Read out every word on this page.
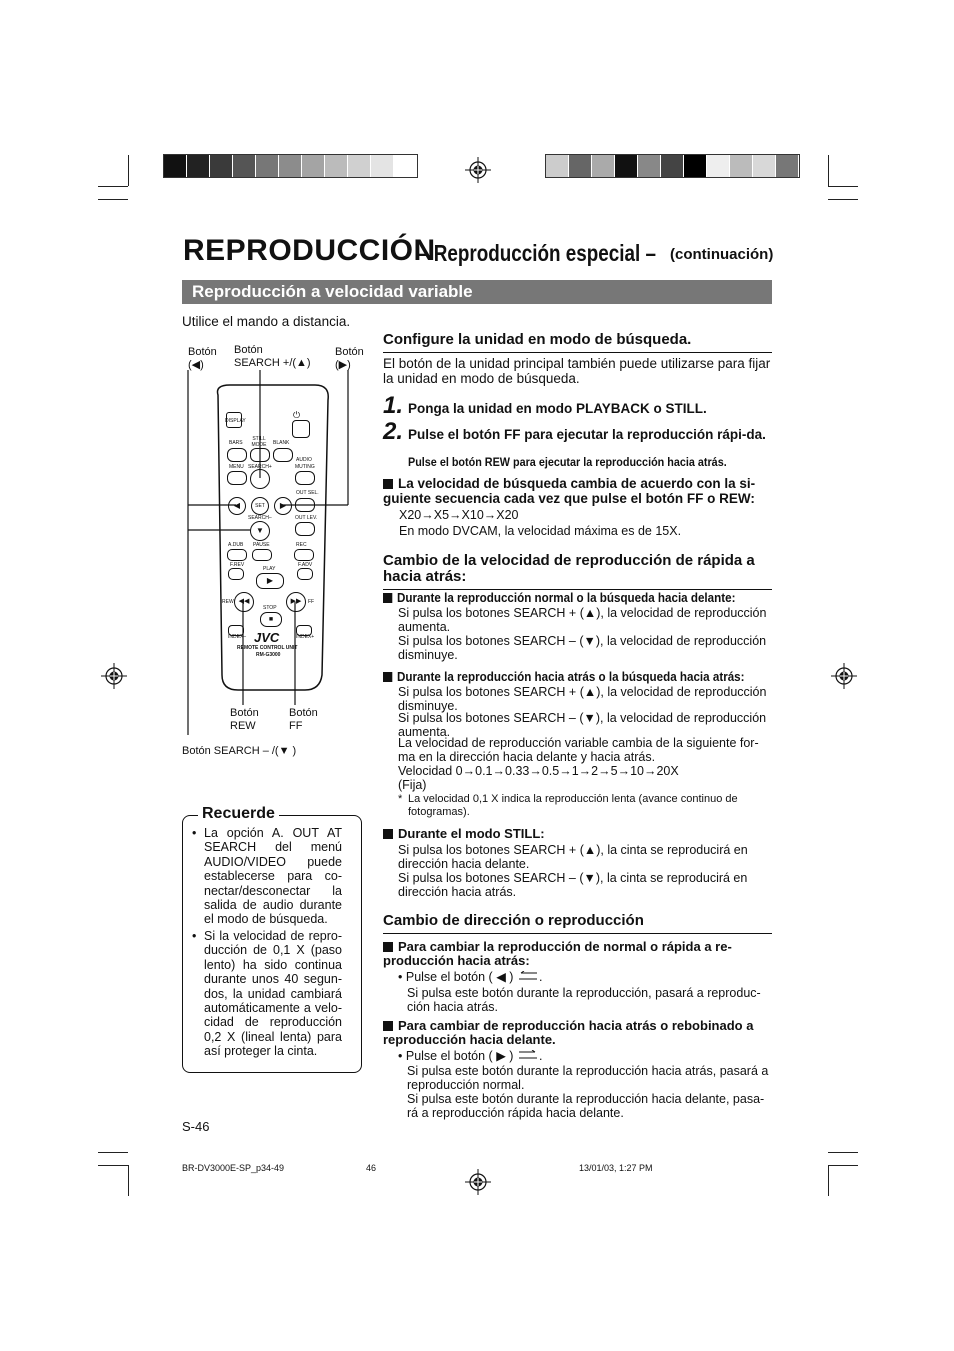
REPRODUCCIÓN
– Reproducción especial – (continuación)
Reproducción a velocidad variable
Utilice el mando a distancia.
Botón
(◀)
Botón
SEARCH +/(▲)
Botón
(▶)
DISPLAY
⏻
BARS
STILL MODE BLANK
AUDIO
MENU SEARCH+	MUTING
OUT SEL.
◀	SET	▶
SEARCH–	OUT LEV.
▼
A.DUB PAUSE	REC
F.REV	F.ADV
PLAY
▶
REW	FF
◀◀	▶▶
STOP
■
INDEX–	INDEX+
JVC
REMOTE CONTROL UNIT
RM-G3000
Botón
REW
Botón
FF
Botón SEARCH – /(▼ )
Recuerde
• La opción A. OUT AT SEARCH del menú AUDIO/VIDEO puede establecerse para co-nectar/desconectar la salida de audio durante el modo de búsqueda.
• Si la velocidad de repro-ducción de 0,1 X (paso lento) ha sido continua durante unos 40 segun-dos, la unidad cambiará automáticamente a velo-cidad de reproducción 0,2 X (lineal lenta) para así proteger la cinta.
S-46
Configure la unidad en modo de búsqueda.
El botón de la unidad principal también puede utilizarse para fijar la unidad en modo de búsqueda.
1. Ponga la unidad en modo PLAYBACK o STILL.
2. Pulse el botón FF para ejecutar la reproducción rápi-da.
Pulse el botón REW para ejecutar la reproducción hacia atrás.
La velocidad de búsqueda cambia de acuerdo con la si-guiente secuencia cada vez que pulse el botón FF o REW:
X20→X5→X10→X20
En modo DVCAM, la velocidad máxima es de 15X.
Cambio de la velocidad de reproducción de rápida a hacia atrás:
Durante la reproducción normal o la búsqueda hacia delante:
Si pulsa los botones SEARCH + (▲), la velocidad de reproducción aumenta.
Si pulsa los botones SEARCH – (▼), la velocidad de reproducción disminuye.
Durante la reproducción hacia atrás o la búsqueda hacia atrás:
Si pulsa los botones SEARCH + (▲), la velocidad de reproducción disminuye.
Si pulsa los botones SEARCH – (▼), la velocidad de reproducción aumenta.
La velocidad de reproducción variable cambia de la siguiente for-ma en la dirección hacia delante y hacia atrás.
Velocidad 0→0.1→0.33→0.5→1→2→5→10→20X
(Fija)
* La velocidad 0,1 X indica la reproducción lenta (avance continuo de fotogramas).
Durante el modo STILL:
Si pulsa los botones SEARCH + (▲), la cinta se reproducirá en dirección hacia delante.
Si pulsa los botones SEARCH – (▼), la cinta se reproducirá en dirección hacia atrás.
Cambio de dirección o reproducción
Para cambiar la reproducción de normal o rápida a re-producción hacia atrás:
• Pulse el botón ( ◀ ) .
Si pulsa este botón durante la reproducción, pasará a reproduc-ción hacia atrás.
Para cambiar de reproducción hacia atrás o rebobinado a reproducción hacia delante.
• Pulse el botón ( ▶ ) .
Si pulsa este botón durante la reproducción hacia atrás, pasará a reproducción normal.
Si pulsa este botón durante la reproducción hacia delante, pasa-rá a reproducción rápida hacia delante.
BR-DV3000E-SP_p34-49	46	13/01/03, 1:27 PM
